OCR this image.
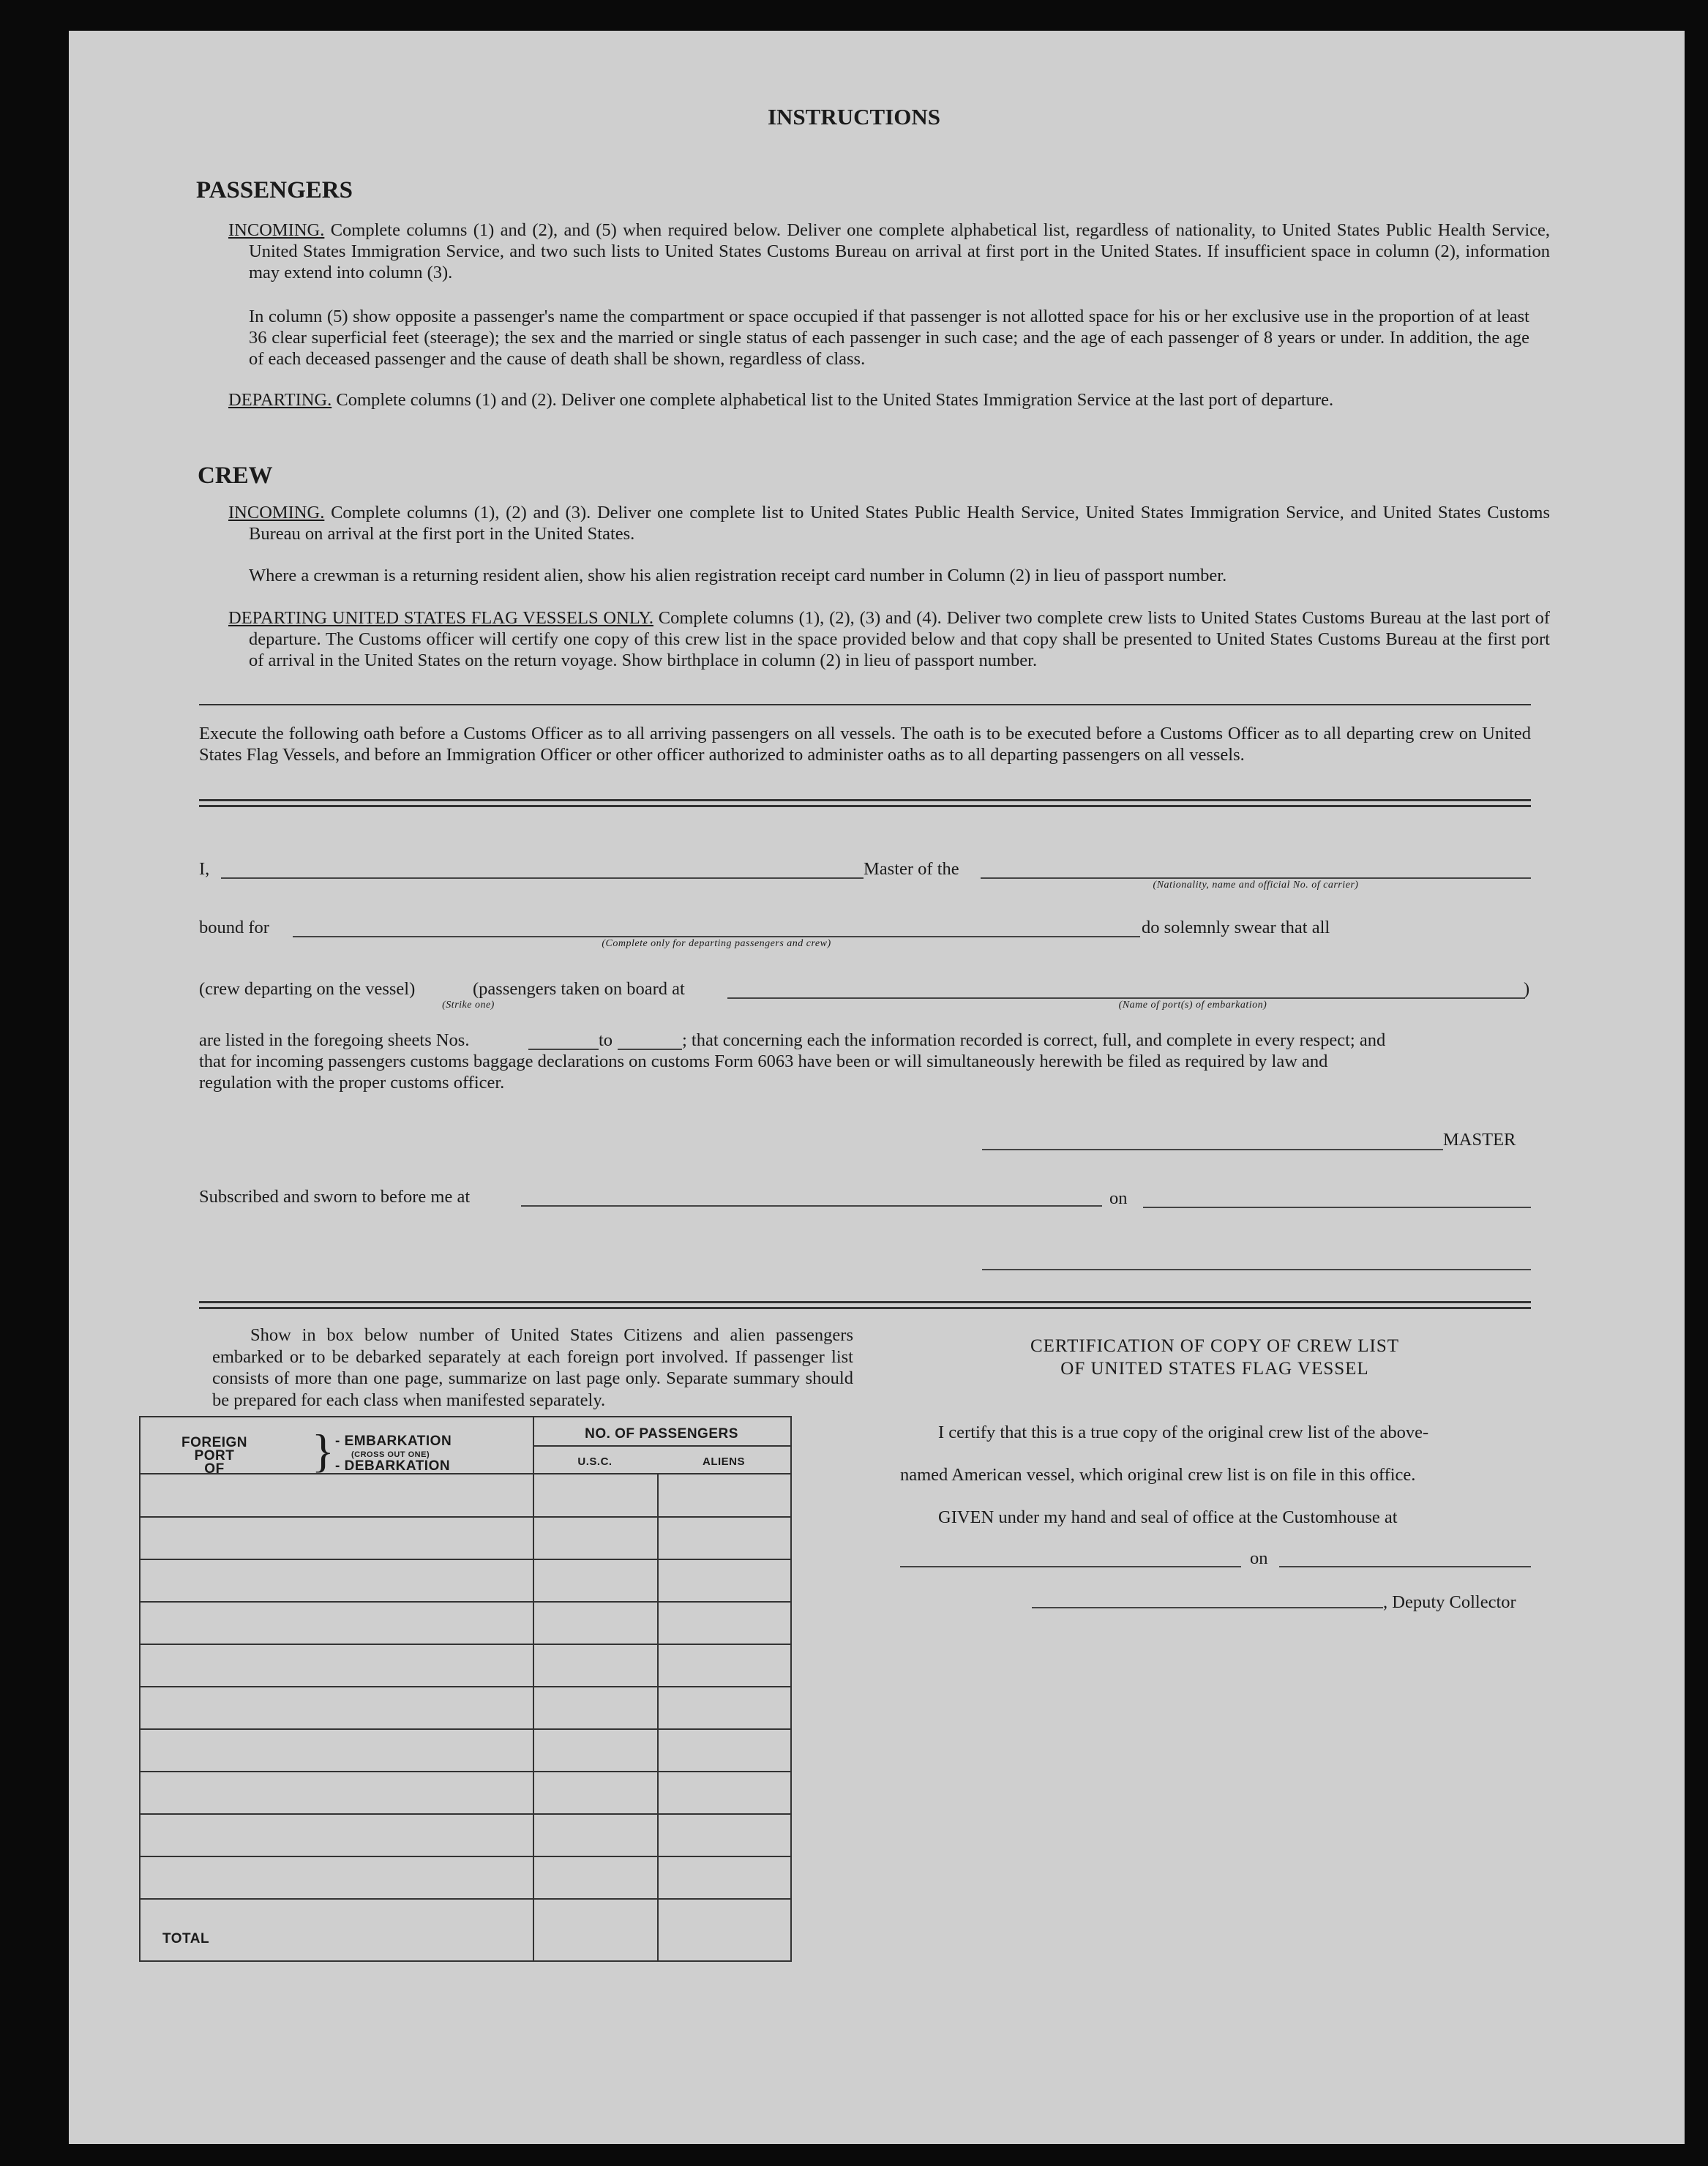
INSTRUCTIONS
PASSENGERS
INCOMING. Complete columns (1) and (2), and (5) when required below. Deliver one complete alphabetical list, regardless of nationality, to United States Public Health Service, United States Immigration Service, and two such lists to United States Customs Bureau on arrival at first port in the United States. If insufficient space in column (2), information may extend into column (3).
In column (5) show opposite a passenger's name the compartment or space occupied if that passenger is not allotted space for his or her exclusive use in the proportion of at least 36 clear superficial feet (steerage); the sex and the married or single status of each passenger in such case; and the age of each passenger of 8 years or under. In addition, the age of each deceased passenger and the cause of death shall be shown, regardless of class.
DEPARTING. Complete columns (1) and (2). Deliver one complete alphabetical list to the United States Immigration Service at the last port of departure.
CREW
INCOMING. Complete columns (1), (2) and (3). Deliver one complete list to United States Public Health Service, United States Immigration Service, and United States Customs Bureau on arrival at the first port in the United States.
Where a crewman is a returning resident alien, show his alien registration receipt card number in Column (2) in lieu of passport number.
DEPARTING UNITED STATES FLAG VESSELS ONLY. Complete columns (1), (2), (3) and (4). Deliver two complete crew lists to United States Customs Bureau at the last port of departure. The Customs officer will certify one copy of this crew list in the space provided below and that copy shall be presented to United States Customs Bureau at the first port of arrival in the United States on the return voyage. Show birthplace in column (2) in lieu of passport number.
Execute the following oath before a Customs Officer as to all arriving passengers on all vessels. The oath is to be executed before a Customs Officer as to all departing crew on United States Flag Vessels, and before an Immigration Officer or other officer authorized to administer oaths as to all departing passengers on all vessels.
I,	Master of the
(Nationality, name and official No. of carrier)
bound for
(Complete only for departing passengers and crew)
do solemnly swear that all
(crew departing on the vessel)	(passengers taken on board at
(Strike one)	(Name of port(s) of embarkation)
)
are listed in the foregoing sheets Nos.	to	; that concerning each the information recorded is correct, full, and complete in every respect; and
that for incoming passengers customs baggage declarations on customs Form 6063 have been or will simultaneously herewith be filed as required by law and
regulation with the proper customs officer.
MASTER
Subscribed and sworn to before me at	on
Show in box below number of United States Citizens and alien passengers embarked or to be debarked separately at each foreign port involved. If passenger list consists of more than one page, summarize on last page only. Separate summary should be prepared for each class when manifested separately.
FOREIGN
PORT
OF	} - EMBARKATION
(CROSS OUT ONE)
- DEBARKATION
NO. OF PASSENGERS
U.S.C.	ALIENS
TOTAL
CERTIFICATION OF COPY OF CREW LIST
OF UNITED STATES FLAG VESSEL
I certify that this is a true copy of the original crew list of the above-
named American vessel, which original crew list is on file in this office.
GIVEN under my hand and seal of office at the Customhouse at
on
, Deputy Collector
